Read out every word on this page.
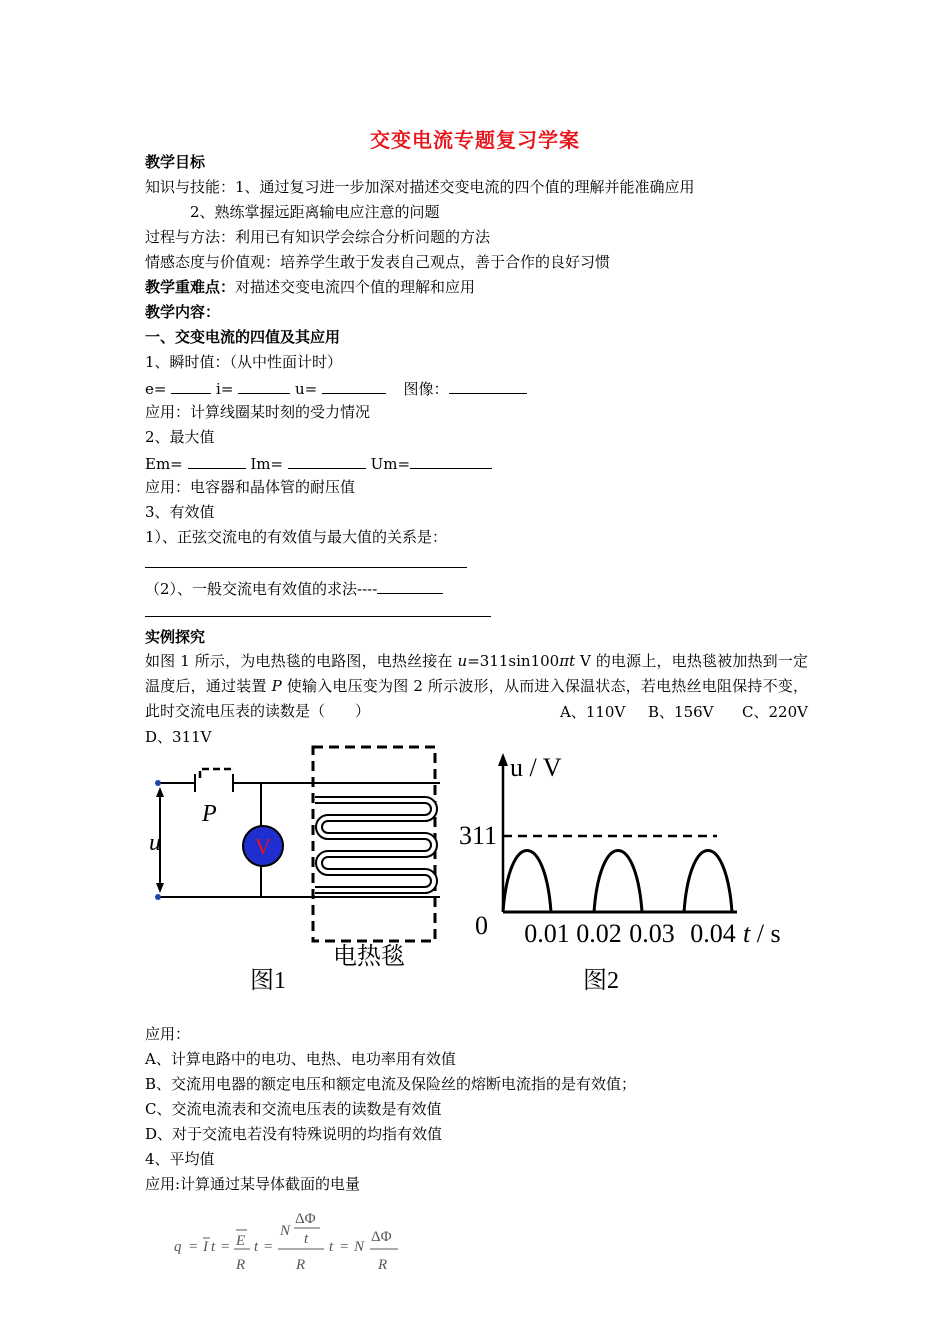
交变电流专题复习学案
教学目标
知识与技能：1、通过复习进一步加深对描述交变电流的四个值的理解并能准确应用
2、熟练掌握远距离输电应注意的问题
过程与方法：利用已有知识学会综合分析问题的方法
情感态度与价值观：培养学生敢于发表自己观点，善于合作的良好习惯
教学重难点：对描述交变电流四个值的理解和应用
教学内容：
一、交变电流的四值及其应用
1、瞬时值：（从中性面计时）
e=	i=	u=	图像：
应用：计算线圈某时刻的受力情况
2、最大值
Em=	Im=	Um=
应用：电容器和晶体管的耐压值
3、有效值
1）、正弦交流电的有效值与最大值的关系是：
（2）、一般交流电有效值的求法----
实例探究
如图 1 所示，为电热毯的电路图，电热丝接在 u=311sin100πt V 的电源上，电热毯被加热到一定温度后，通过装置 P 使输入电压变为图 2 所示波形，从而进入保温状态，若电热丝电阻保持不变，此时交流电压表的读数是（　　）	A、110V B、156V C、220V
D、311V
u
P
V
电热毯
图1
u / V
311
0 0.01 0.02 0.03 0.04 t / s
图2
应用：
A、计算电路中的电功、电热、电功率用有效值
B、交流用电器的额定电压和额定电流及保险丝的熔断电流指的是有效值；
C、交流电流表和交流电压表的读数是有效值
D、对于交流电若没有特殊说明的均指有效值
4、平均值
应用:计算通过某导体截面的电量
q = I t = E
R
t =
N
ΔΦ
t
R
t = N
ΔΦ
R
